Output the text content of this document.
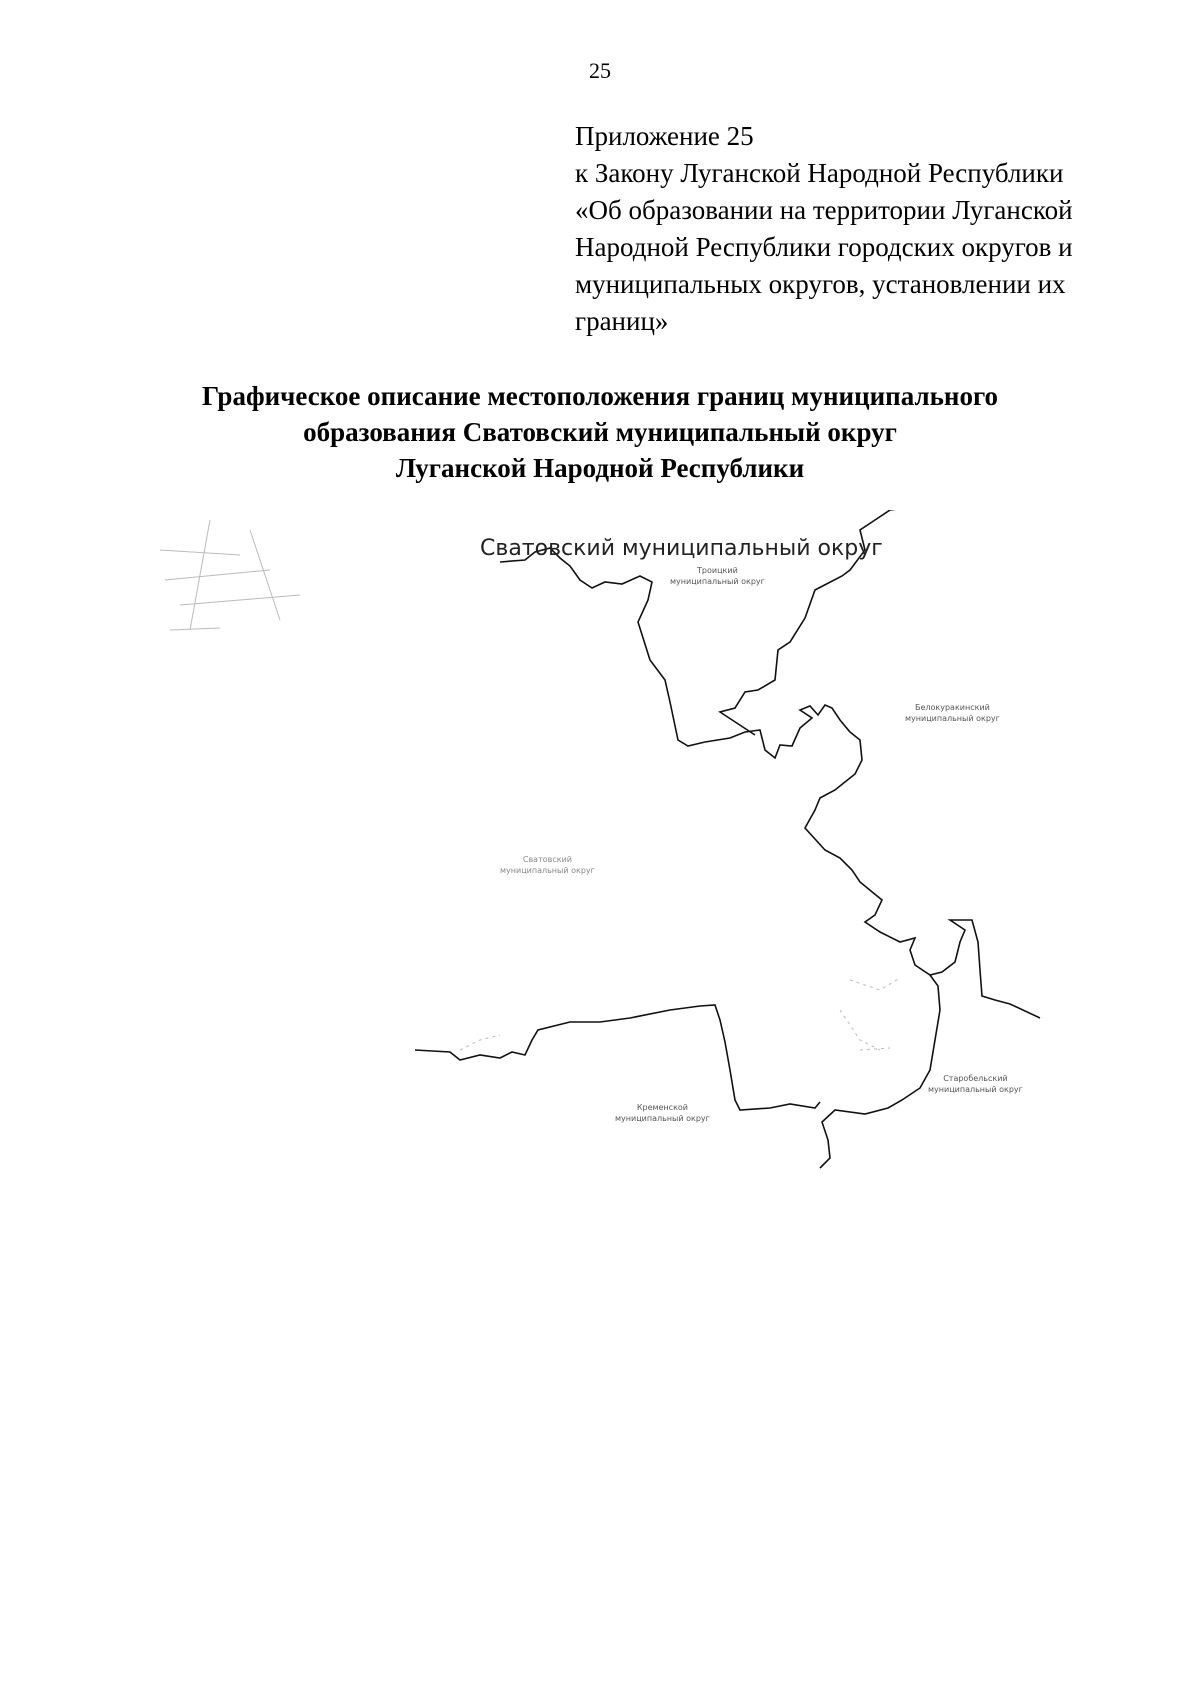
25
Приложение 25
к Закону Луганской Народной Республики
«Об образовании на территории Луганской
Народной Республики городских округов и
муниципальных округов, установлении их
границ»
Графическое описание местоположения границ муниципального
образования Сватовский муниципальный округ
Луганской Народной Республики
Сватовский муниципальный округ
Троицкий
муниципальный округ
Белокуракинский
муниципальный округ
Сватовский
муниципальный округ
Старобельский
муниципальный округ
Кременской
муниципальный округ
